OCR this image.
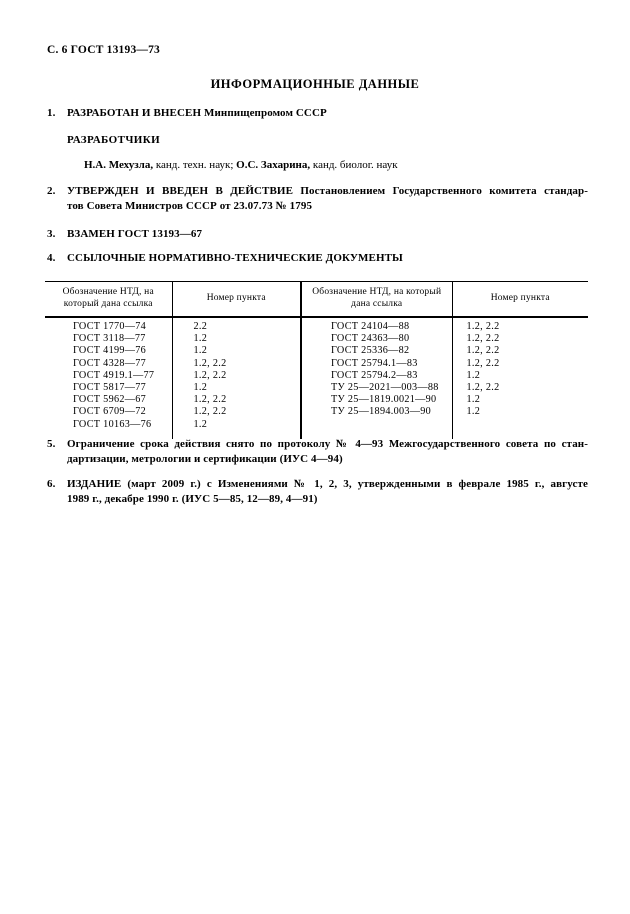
С. 6 ГОСТ 13193—73
ИНФОРМАЦИОННЫЕ ДАННЫЕ
1. РАЗРАБОТАН И ВНЕСЕН Минпищепромом СССР
РАЗРАБОТЧИКИ
Н.А. Мехузла, канд. техн. наук; О.С. Захарина, канд. биолог. наук
2. УТВЕРЖДЕН И ВВЕДЕН В ДЕЙСТВИЕ Постановлением Государственного комитета стандар-
тов Совета Министров СССР от 23.07.73 № 1795
3. ВЗАМЕН ГОСТ 13193—67
4. ССЫЛОЧНЫЕ НОРМАТИВНО-ТЕХНИЧЕСКИЕ ДОКУМЕНТЫ
Обозначение НТД, на который дана ссылка	Номер пункта	Обозначение НТД, на который дана ссылка	Номер пункта
ГОСТ 1770—74	2.2	ГОСТ 24104—88	1.2, 2.2
ГОСТ 3118—77	1.2	ГОСТ 24363—80	1.2, 2.2
ГОСТ 4199—76	1.2	ГОСТ 25336—82	1.2, 2.2
ГОСТ 4328—77	1.2, 2.2	ГОСТ 25794.1—83	1.2, 2.2
ГОСТ 4919.1—77	1.2, 2.2	ГОСТ 25794.2—83	1.2
ГОСТ 5817—77	1.2	ТУ 25—2021—003—88	1.2, 2.2
ГОСТ 5962—67	1.2, 2.2	ТУ 25—1819.0021—90	1.2
ГОСТ 6709—72	1.2, 2.2	ТУ 25—1894.003—90	1.2
ГОСТ 10163—76	1.2		

5. Ограничение срока действия снято по протоколу № 4—93 Межгосударственного совета по стан-
дартизации, метрологии и сертификации (ИУС 4—94)
6. ИЗДАНИЕ (март 2009 г.) с Изменениями № 1, 2, 3, утвержденными в феврале 1985 г., августе
1989 г., декабре 1990 г. (ИУС 5—85, 12—89, 4—91)
